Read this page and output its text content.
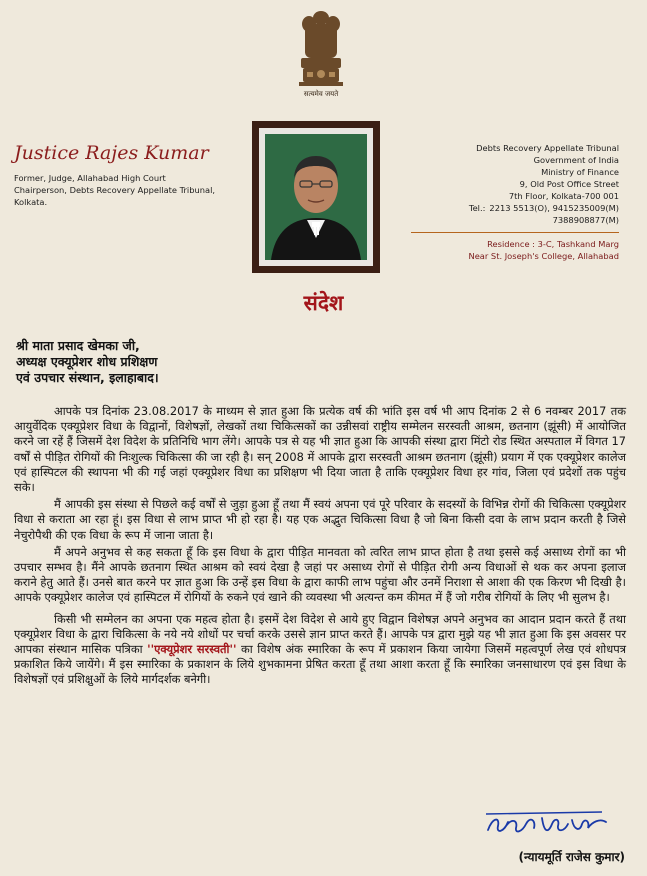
सत्यमेव जयते
Justice Rajes Kumar
Former, Judge, Allahabad High Court
Chairperson, Debts Recovery Appellate Tribunal,
Kolkata.
Debts Recovery Appellate Tribunal
Government of India
Ministry of Finance
9, Old Post Office Street
7th Floor, Kolkata-700 001
Tel.: 2213 5513(O), 9415235009(M)
7388908877(M)
Residence : 3-C, Tashkand Marg
Near St. Joseph's College, Allahabad
संदेश
श्री माता प्रसाद खेमका जी,
अध्यक्ष एक्यूप्रेशर शोध प्रशिक्षण
एवं उपचार संस्थान, इलाहाबाद।

आपके पत्र दिनांक 23.08.2017 के माध्यम से ज्ञात हुआ कि प्रत्येक वर्ष की भांति इस वर्ष भी आप दिनांक 2 से 6 नवम्बर 2017 तक आयुर्वेदिक एक्यूप्रेशर विधा के विद्वानों, विशेषज्ञों, लेखकों तथा चिकित्सकों का उन्नीसवां राष्ट्रीय सम्मेलन सरस्वती आश्रम, छतनाग (झूंसी) में आयोजित करने जा रहें हैं जिसमें देश विदेश के प्रतिनिधि भाग लेंगे। आपके पत्र से यह भी ज्ञात हुआ कि आपकी संस्था द्वारा मिंटो रोड स्थित अस्पताल में विगत 17 वर्षों से पीड़ित रोगियों की निःशुल्क चिकित्सा की जा रही है। सन् 2008 में आपके द्वारा सरस्वती आश्रम छतनाग (झूंसी) प्रयाग में एक एक्यूप्रेशर कालेज एवं हास्पिटल की स्थापना भी की गई जहां एक्यूप्रेशर विधा का प्रशिक्षण भी दिया जाता है ताकि एक्यूप्रेशर विधा हर गांव, जिला एवं प्रदेशों तक पहुंच सके।

मैं आपकी इस संस्था से पिछले कई वर्षों से जुड़ा हुआ हूँ तथा मैं स्वयं अपना एवं पूरे परिवार के सदस्यों के विभिन्न रोगों की चिकित्सा एक्यूप्रेशर विधा से कराता आ रहा हूं। इस विधा से लाभ प्राप्त भी हो रहा है। यह एक अद्भुत चिकित्सा विधा है जो बिना किसी दवा के लाभ प्रदान करती है जिसे नेचुरोपैथी की एक विधा के रूप में जाना जाता है।

मैं अपने अनुभव से कह सकता हूँ कि इस विधा के द्वारा पीड़ित मानवता को त्वरित लाभ प्राप्त होता है तथा इससे कई असाध्य रोगों का भी उपचार सम्भव है। मैंने आपके छतनाग स्थित आश्रम को स्वयं देखा है जहां पर असाध्य रोगों से पीड़ित रोगी अन्य विधाओं से थक कर अपना इलाज कराने हेतु आते हैं। उनसे बात करने पर ज्ञात हुआ कि उन्हें इस विधा के द्वारा काफी लाभ पहुंचा और उनमें निराशा से आशा की एक किरण भी दिखी है। आपके एक्यूप्रेशर कालेज एवं हास्पिटल में रोगियों के रुकने एवं खाने की व्यवस्था भी अत्यन्त कम कीमत में हैं जो गरीब रोगियों के लिए भी सुलभ है।

किसी भी सम्मेलन का अपना एक महत्व होता है। इसमें देश विदेश से आये हुए विद्वान विशेषज्ञ अपने अनुभव का आदान प्रदान करते हैं तथा एक्यूप्रेशर विधा के द्वारा चिकित्सा के नये नये शोधों पर चर्चा करके उससे ज्ञान प्राप्त करते हैं। आपके पत्र द्वारा मुझे यह भी ज्ञात हुआ कि इस अवसर पर आपका संस्थान मासिक पत्रिका ''एक्यूप्रेशर सरस्वती'' का विशेष अंक स्मारिका के रूप में प्रकाशन किया जायेगा जिसमें महत्वपूर्ण लेख एवं शोधपत्र प्रकाशित किये जायेंगे। मैं इस स्मारिका के प्रकाशन के लिये शुभकामना प्रेषित करता हूँ तथा आशा करता हूँ कि स्मारिका जनसाधारण एवं इस विधा के विशेषज्ञों एवं प्रशिक्षुओं के लिये मार्गदर्शक बनेगी।

(न्यायमूर्ति राजेस कुमार)
